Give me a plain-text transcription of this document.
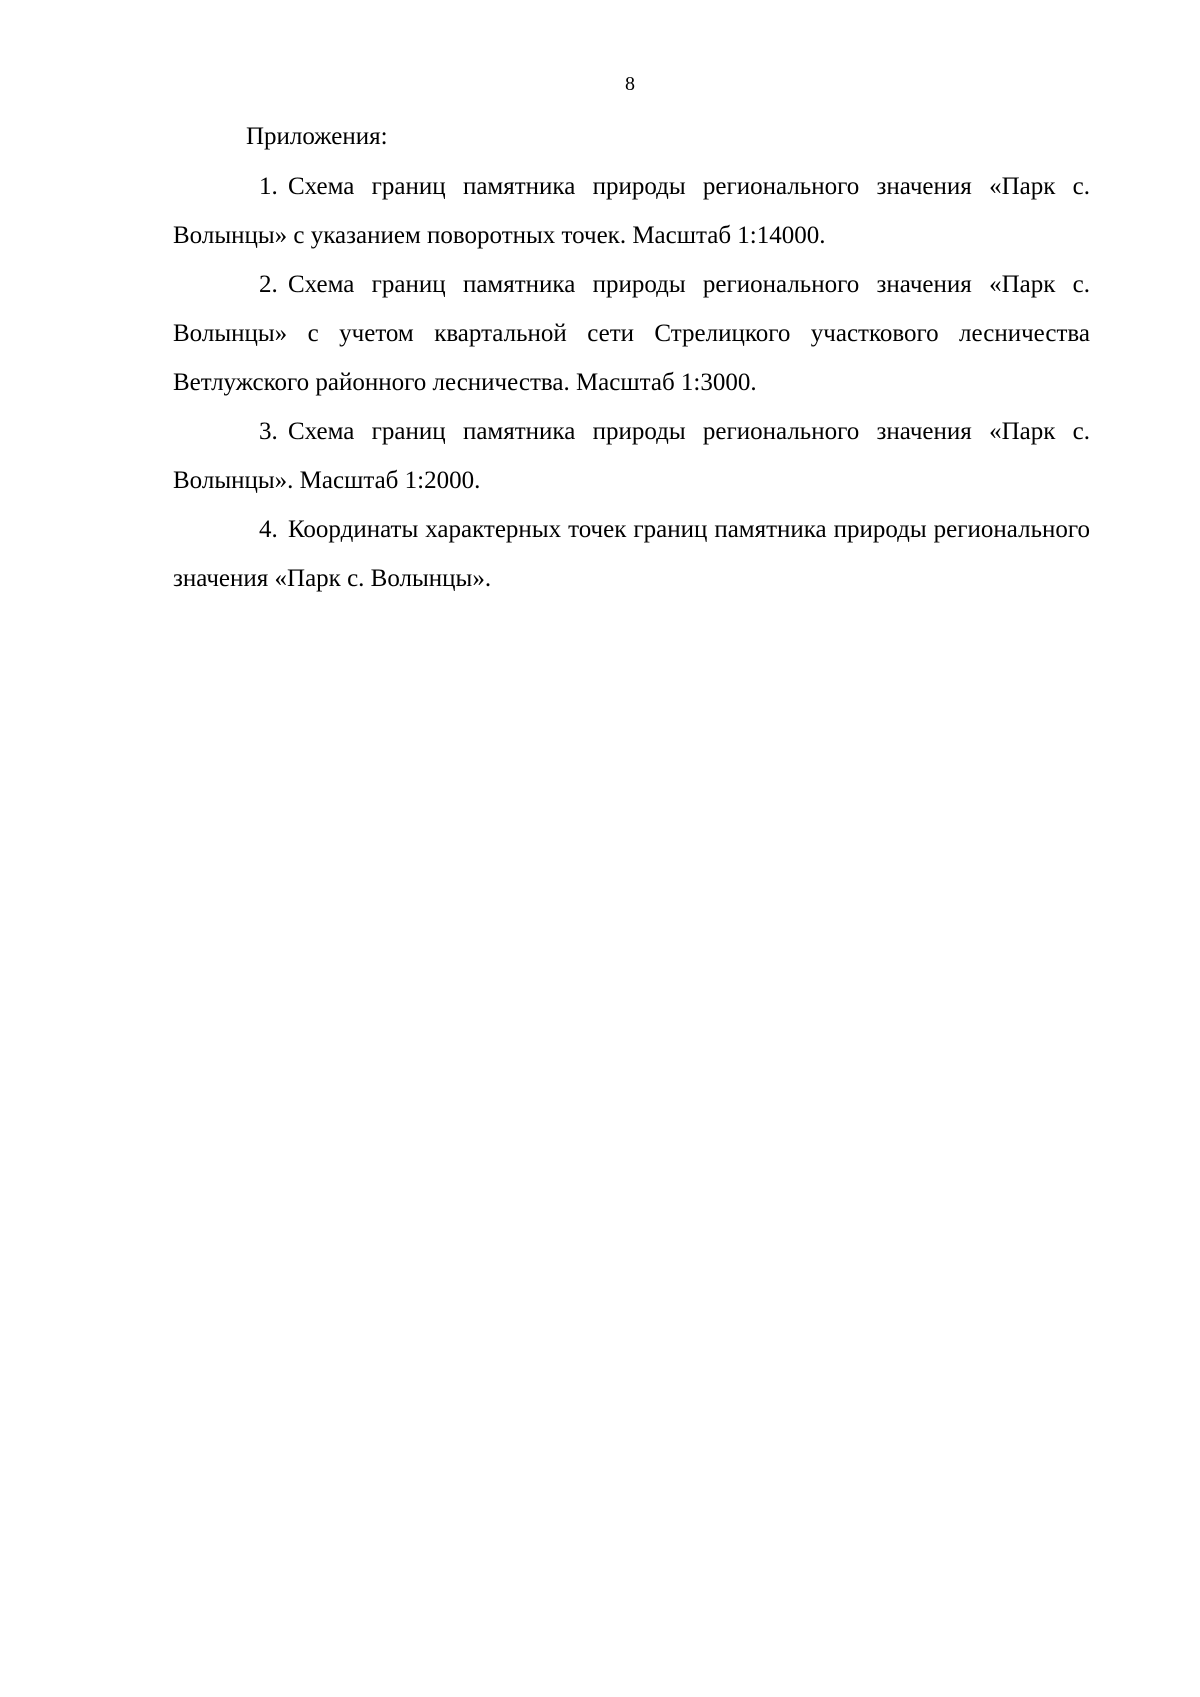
8

Приложения:

1. Схема границ памятника природы регионального значения «Парк с. Волынцы» с указанием поворотных точек. Масштаб 1:14000.
2. Схема границ памятника природы регионального значения «Парк с. Волынцы» с учетом квартальной сети Стрелицкого участкового лесничества Ветлужского районного лесничества. Масштаб 1:3000.
3. Схема границ памятника природы регионального значения «Парк с. Волынцы». Масштаб 1:2000.
4. Координаты характерных точек границ памятника природы регионального значения «Парк с. Волынцы».
